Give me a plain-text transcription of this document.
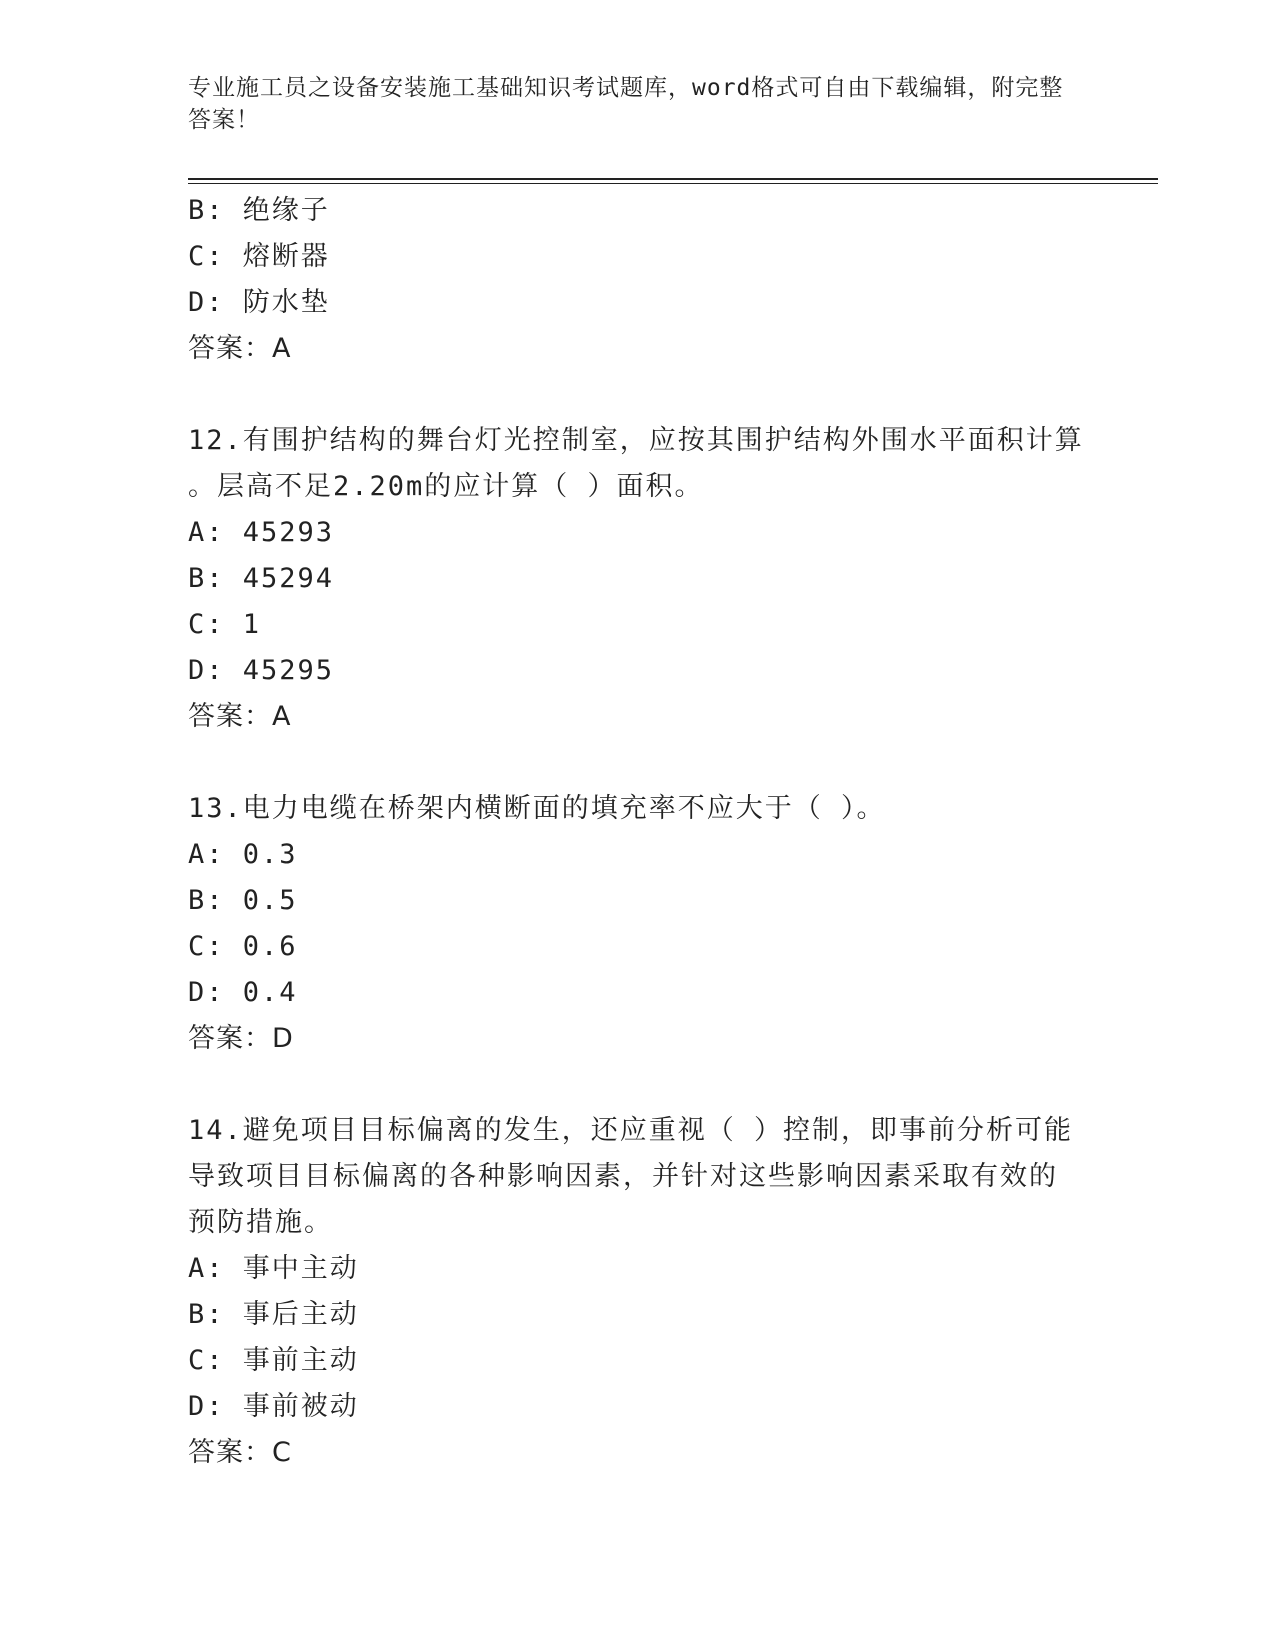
专业施工员之设备安装施工基础知识考试题库，word格式可自由下载编辑，附完整答案！
B: 绝缘子
C: 熔断器
D: 防水垫
答案：A
12.有围护结构的舞台灯光控制室，应按其围护结构外围水平面积计算
。层高不足2.20m的应计算（ ）面积。
A: 45293
B: 45294
C: 1
D: 45295
答案：A
13.电力电缆在桥架内横断面的填充率不应大于（ ）。
A: 0.3
B: 0.5
C: 0.6
D: 0.4
答案：D
14.避免项目目标偏离的发生，还应重视（ ）控制，即事前分析可能
导致项目目标偏离的各种影响因素，并针对这些影响因素采取有效的
预防措施。
A: 事中主动
B: 事后主动
C: 事前主动
D: 事前被动
答案：C
